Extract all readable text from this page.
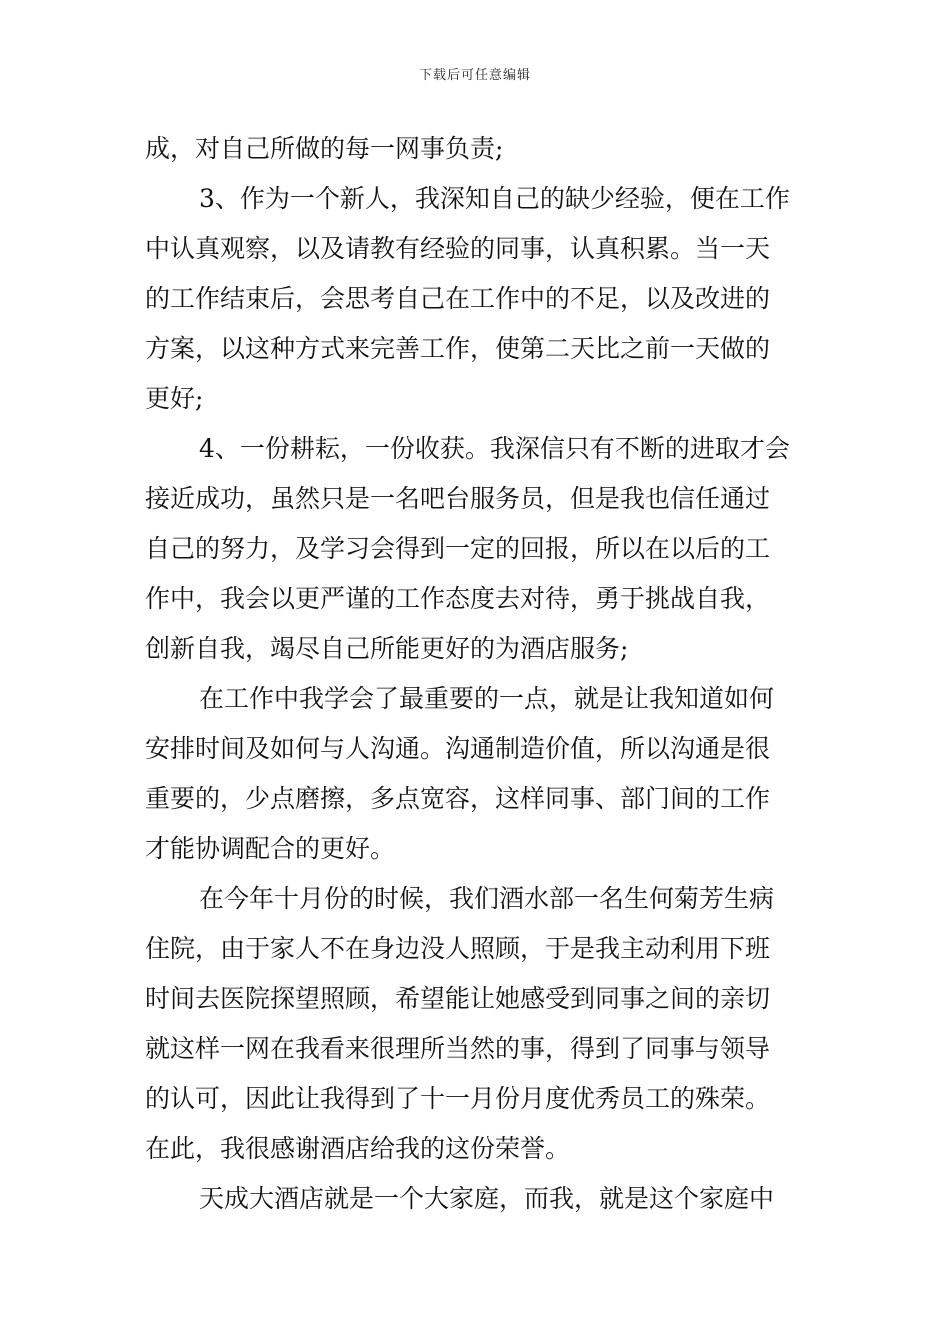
下载后可任意编辑
成，对自己所做的每一网事负责;
3、作为一个新人，我深知自己的缺少经验，便在工作
中认真观察，以及请教有经验的同事，认真积累。当一天
的工作结束后，会思考自己在工作中的不足，以及改进的
方案，以这种方式来完善工作，使第二天比之前一天做的
更好;
4、一份耕耘，一份收获。我深信只有不断的进取才会
接近成功，虽然只是一名吧台服务员，但是我也信任通过
自己的努力，及学习会得到一定的回报，所以在以后的工
作中，我会以更严谨的工作态度去对待，勇于挑战自我，
创新自我，竭尽自己所能更好的为酒店服务;
在工作中我学会了最重要的一点，就是让我知道如何
安排时间及如何与人沟通。沟通制造价值，所以沟通是很
重要的，少点磨擦，多点宽容，这样同事、部门间的工作
才能协调配合的更好。
在今年十月份的时候，我们酒水部一名生何菊芳生病
住院，由于家人不在身边没人照顾，于是我主动利用下班
时间去医院探望照顾，希望能让她感受到同事之间的亲切
就这样一网在我看来很理所当然的事，得到了同事与领导
的认可，因此让我得到了十一月份月度优秀员工的殊荣。
在此，我很感谢酒店给我的这份荣誉。
天成大酒店就是一个大家庭，而我，就是这个家庭中
